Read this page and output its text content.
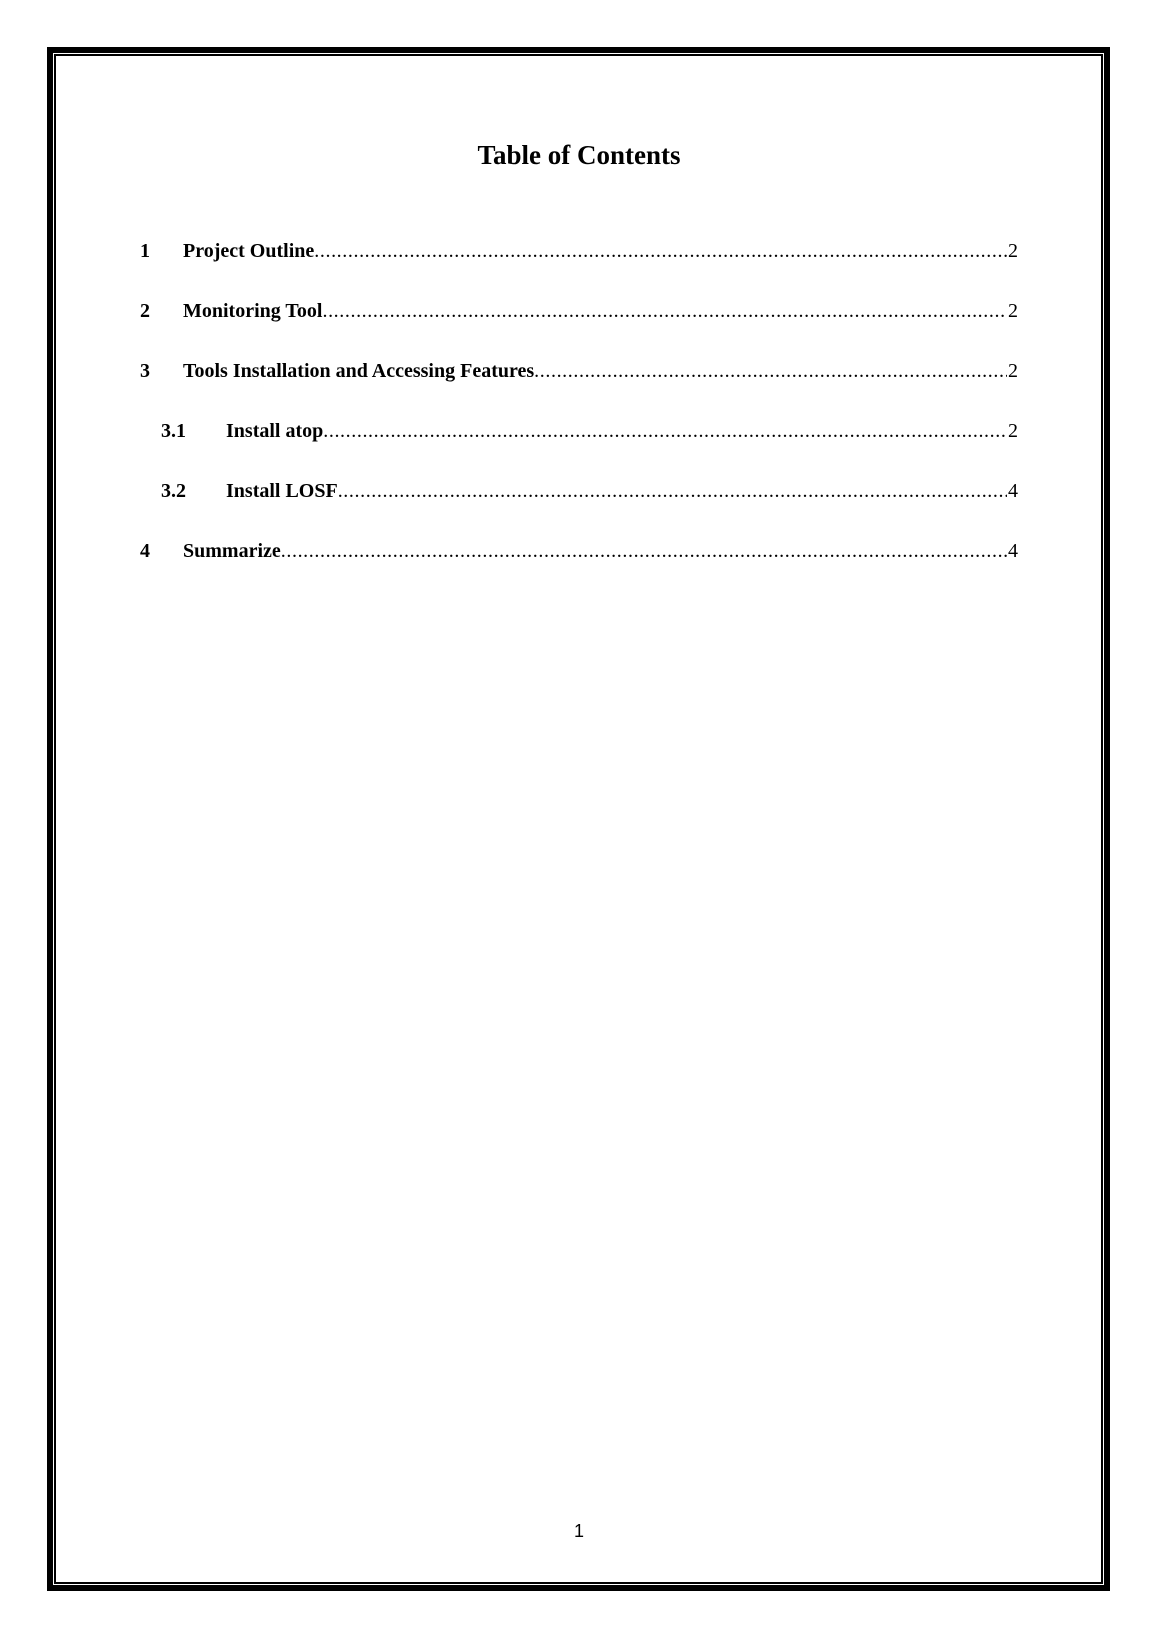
Table of Contents
1	Project Outline .....	2
2	Monitoring Tool .....	2
3	Tools Installation and Accessing Features .....	2
3.1	Install atop .....	2
3.2	Install LOSF .....	4
4	Summarize .....	4
1
